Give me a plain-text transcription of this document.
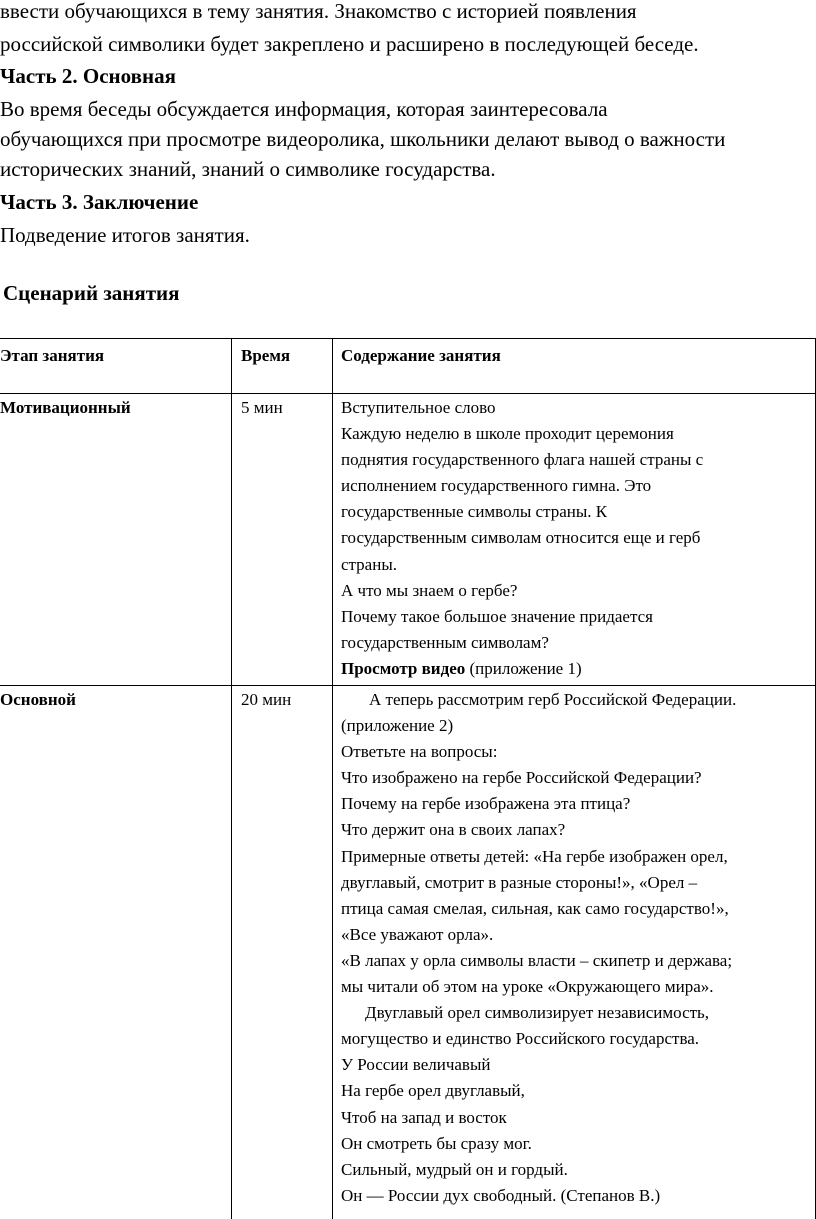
ввести обучающихся в тему занятия. Знакомство с историей появления
российской символики будет закреплено и расширено в последующей беседе.
Часть 2. Основная
Во время беседы обсуждается информация, которая заинтересовала
обучающихся при просмотре видеоролика, школьники делают вывод о важности
исторических знаний, знаний о символике государства.
Часть 3. Заключение
Подведение итогов занятия.
Сценарий занятия
Этап занятия	Время	Содержание занятия
Мотивационный	5 мин	Вступительное слово
Каждую неделю в школе проходит церемония
поднятия государственного флага нашей страны с
исполнением государственного гимна. Это
государственные символы страны. К
государственным символам относится еще и герб
страны.
А что мы знаем о гербе?
Почему такое большое значение придается
государственным символам?
Просмотр видео (приложение 1)
Основной	20 мин	А теперь рассмотрим герб Российской Федерации.
(приложение 2)
Ответьте на вопросы:
Что изображено на гербе Российской Федерации?
Почему на гербе изображена эта птица?
Что держит она в своих лапах?
Примерные ответы детей: «На гербе изображен орел,
двуглавый, смотрит в разные стороны!», «Орел –
птица самая смелая, сильная, как само государство!»,
«Все уважают орла».
«В лапах у орла символы власти – скипетр и держава;
мы читали об этом на уроке «Окружающего мира».
Двуглавый орел символизирует независимость,
могущество и единство Российского государства.
У России величавый
На гербе орел двуглавый,
Чтоб на запад и восток
Он смотреть бы сразу мог.
Сильный, мудрый он и гордый.
Он — России дух свободный. (Степанов В.)
